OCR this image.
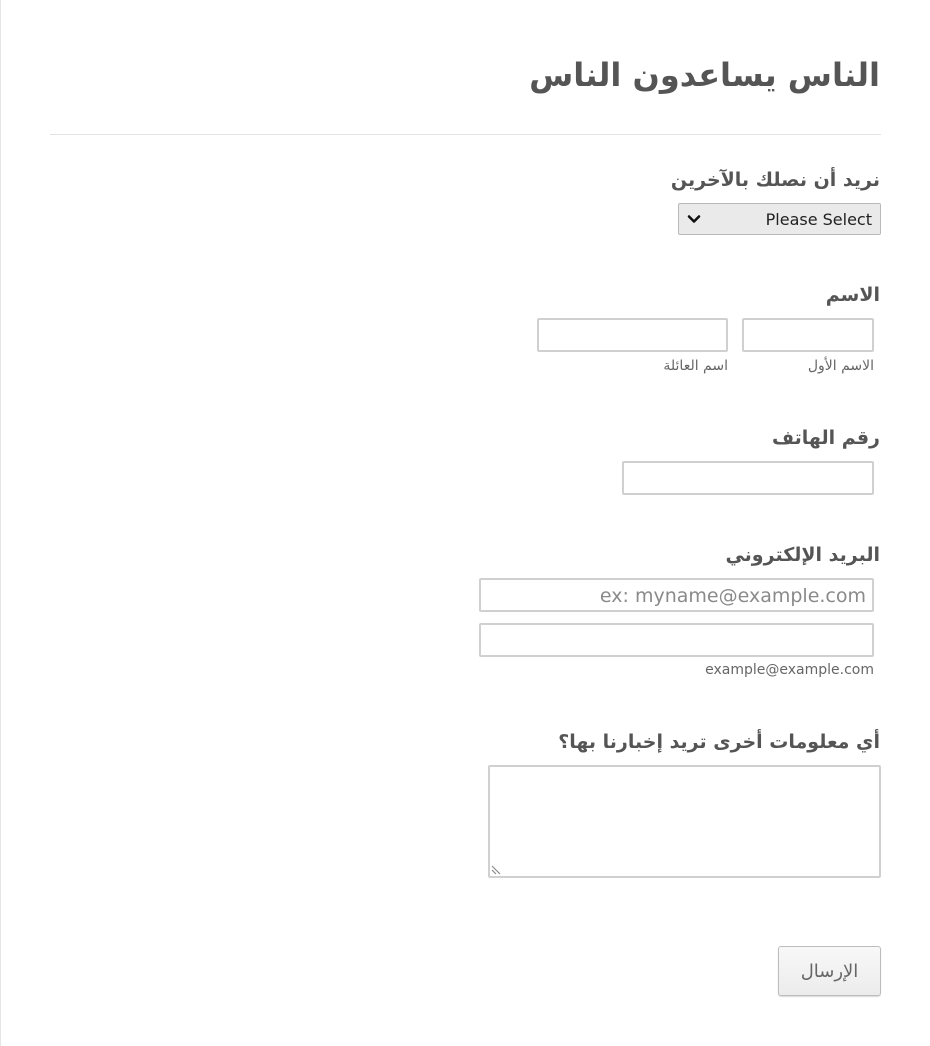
الناس يساعدون الناس
نريد أن نصلك بالآخرين
Please Select
الاسم
الاسم الأول
اسم العائلة
رقم الهاتف
البريد الإلكتروني
ex: myname@example.com
example@example.com
أي معلومات أخرى تريد إخبارنا بها؟
الإرسال
